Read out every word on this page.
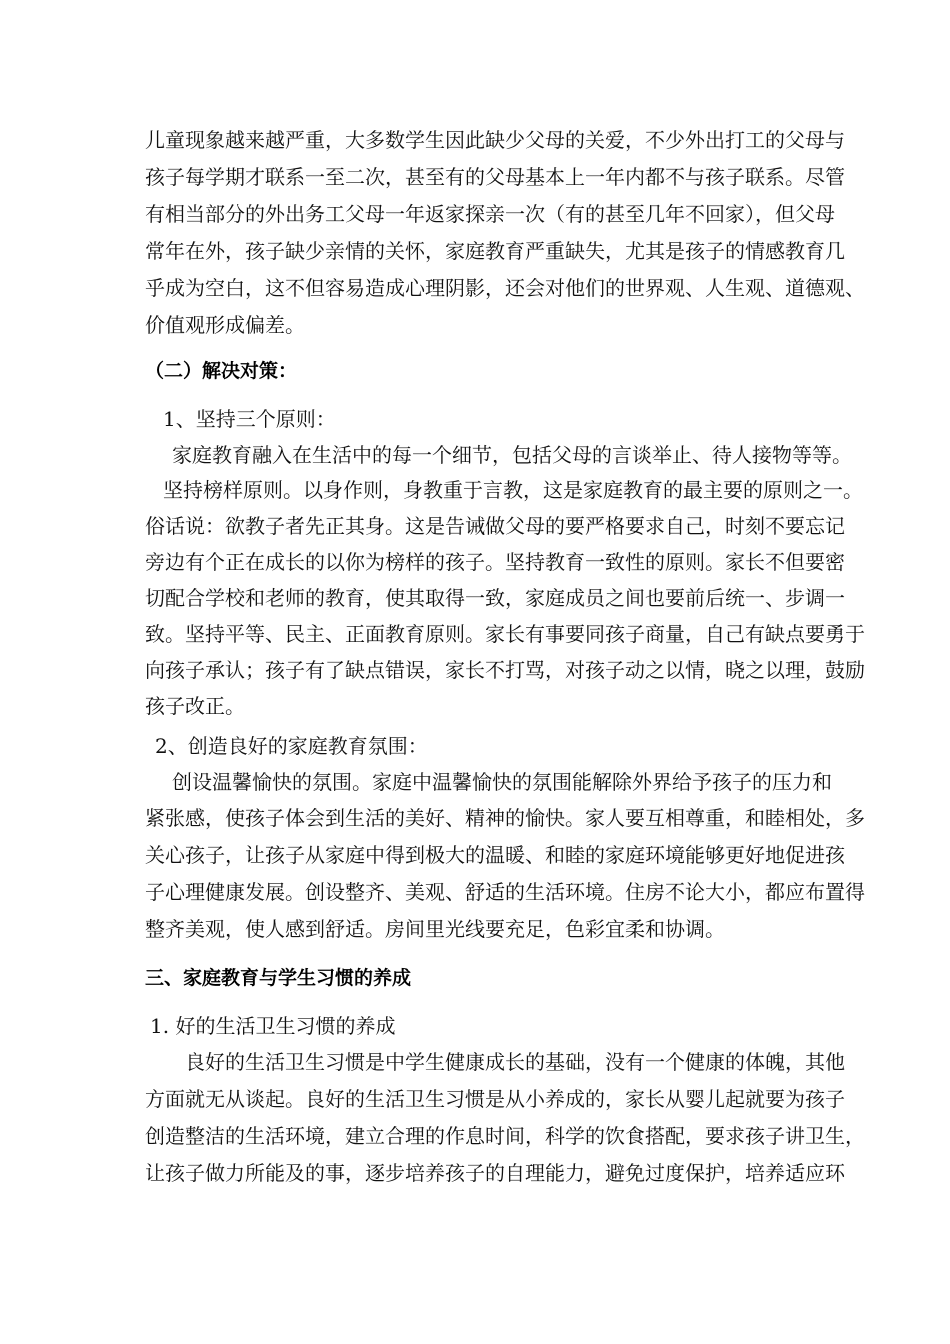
儿童现象越来越严重，大多数学生因此缺少父母的关爱，不少外出打工的父母与
孩子每学期才联系一至二次，甚至有的父母基本上一年内都不与孩子联系。尽管
有相当部分的外出务工父母一年返家探亲一次（有的甚至几年不回家），但父母
常年在外，孩子缺少亲情的关怀，家庭教育严重缺失，尤其是孩子的情感教育几
乎成为空白，这不但容易造成心理阴影，还会对他们的世界观、人生观、道德观、
价值观形成偏差。
（二）解决对策：
1、坚持三个原则：
家庭教育融入在生活中的每一个细节，包括父母的言谈举止、待人接物等等。
坚持榜样原则。以身作则，身教重于言教，这是家庭教育的最主要的原则之一。
俗话说：欲教子者先正其身。这是告诫做父母的要严格要求自己，时刻不要忘记
旁边有个正在成长的以你为榜样的孩子。坚持教育一致性的原则。家长不但要密
切配合学校和老师的教育，使其取得一致，家庭成员之间也要前后统一、步调一
致。坚持平等、民主、正面教育原则。家长有事要同孩子商量，自己有缺点要勇于
向孩子承认；孩子有了缺点错误，家长不打骂，对孩子动之以情，晓之以理，鼓励
孩子改正。
2、创造良好的家庭教育氛围：
创设温馨愉快的氛围。家庭中温馨愉快的氛围能解除外界给予孩子的压力和
紧张感，使孩子体会到生活的美好、精神的愉快。家人要互相尊重，和睦相处，多
关心孩子，让孩子从家庭中得到极大的温暖、和睦的家庭环境能够更好地促进孩
子心理健康发展。创设整齐、美观、舒适的生活环境。住房不论大小，都应布置得
整齐美观，使人感到舒适。房间里光线要充足，色彩宜柔和协调。
三、家庭教育与学生习惯的养成
1. 好的生活卫生习惯的养成
良好的生活卫生习惯是中学生健康成长的基础，没有一个健康的体魄，其他
方面就无从谈起。良好的生活卫生习惯是从小养成的，家长从婴儿起就要为孩子
创造整洁的生活环境，建立合理的作息时间，科学的饮食搭配，要求孩子讲卫生，
让孩子做力所能及的事，逐步培养孩子的自理能力，避免过度保护，培养适应环
